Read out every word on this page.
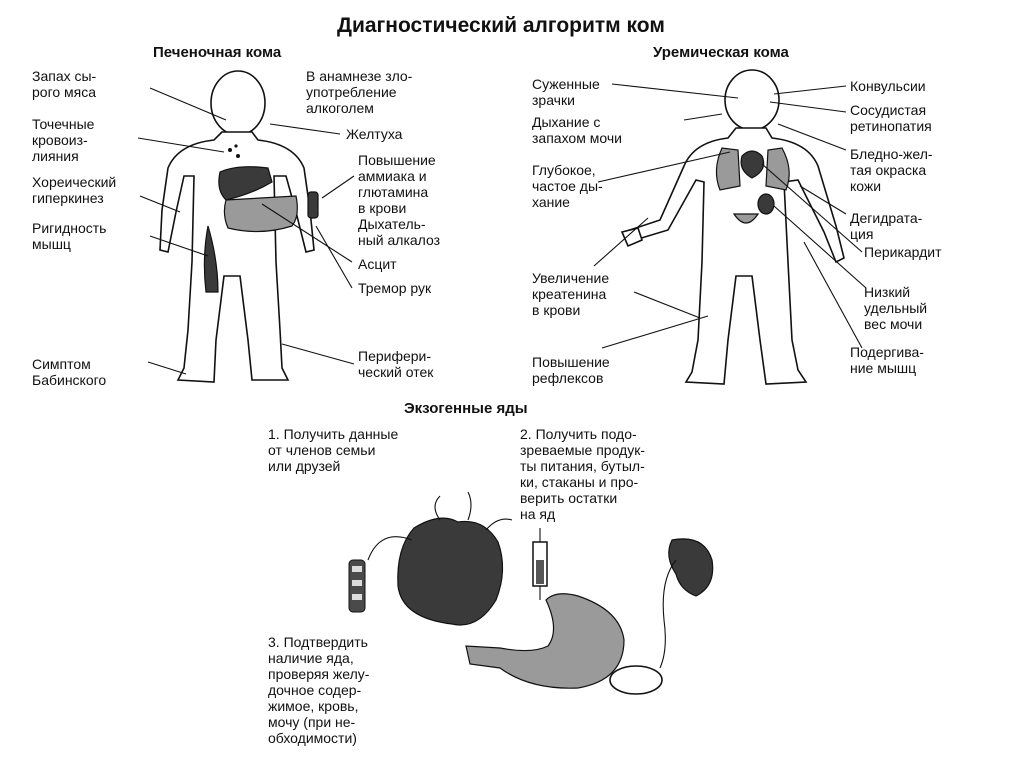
Диагностический алгоритм ком
Печеночная кома	Уремическая кома
Экзогенные яды
Запах сы-
рого мяса
В анамнезе зло-
употребление
алкоголем
Точечные
кровоиз-
лияния
Желтуха
Хореический
гиперкинез
Повышение
аммиака и
глютамина
в крови
Дыхатель-
ный алкалоз
Ригидность
мышц
Асцит
Тремор рук
Симптом
Бабинского
Перифери-
ческий отек
Суженные
зрачки
Конвульсии
Дыхание с
запахом мочи
Сосудистая
ретинопатия
Глубокое,
частое ды-
хание
Бледно-жел-
тая окраска
кожи
Дегидрата-
ция
Перикардит
Увеличение
креатенина
в крови
Низкий
удельный
вес мочи
Повышение
рефлексов
Подергива-
ние мышц
1. Получить данные
от членов семьи
или друзей
2. Получить подо-
зреваемые продук-
ты питания, бутыл-
ки, стаканы и про-
верить остатки
на яд
3. Подтвердить
наличие яда,
проверяя желу-
дочное содер-
жимое, кровь,
мочу (при не-
обходимости)
